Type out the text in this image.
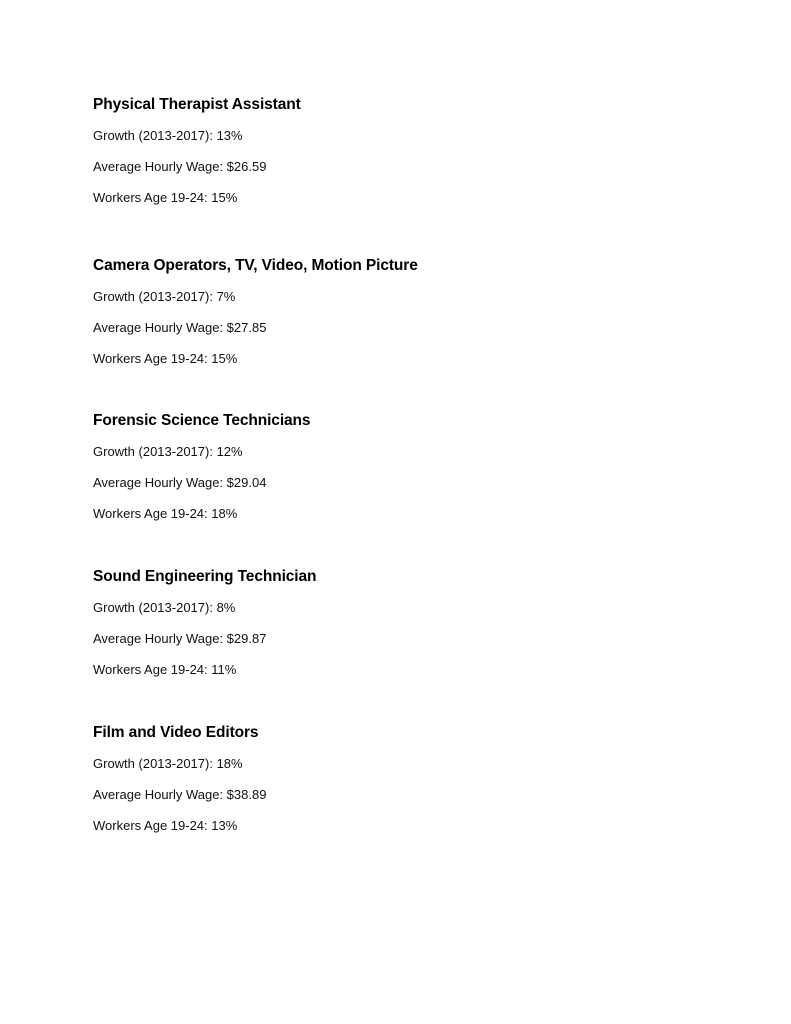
Physical Therapist Assistant

Growth (2013-2017): 13%

Average Hourly Wage: $26.59

Workers Age 19-24: 15%

Camera Operators, TV, Video, Motion Picture

Growth (2013-2017): 7%

Average Hourly Wage: $27.85

Workers Age 19-24: 15%

Forensic Science Technicians

Growth (2013-2017): 12%

Average Hourly Wage: $29.04

Workers Age 19-24: 18%

Sound Engineering Technician

Growth (2013-2017): 8%

Average Hourly Wage: $29.87

Workers Age 19-24: 11%

Film and Video Editors

Growth (2013-2017): 18%

Average Hourly Wage: $38.89

Workers Age 19-24: 13%
